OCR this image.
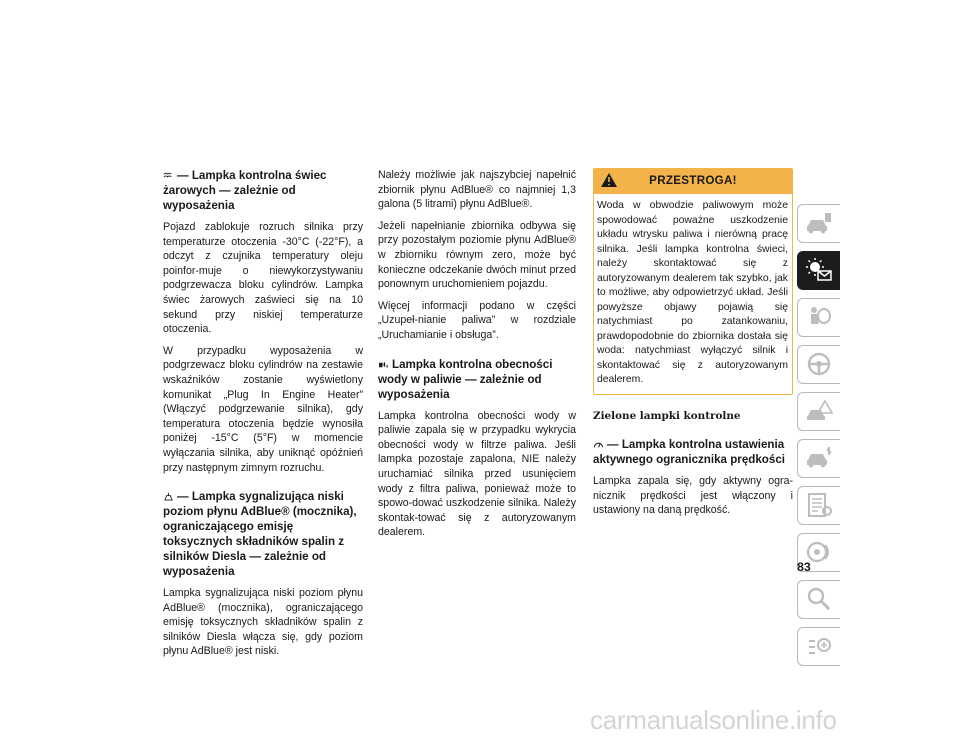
— Lampka kontrolna świec żarowych — zależnie od wyposażenia

Pojazd zablokuje rozruch silnika przy temperaturze otoczenia -30°C (-22°F), a odczyt z czujnika temperatury oleju poinfor-muje o niewykorzystywaniu podgrzewacza bloku cylindrów. Lampka świec żarowych zaświeci się na 10 sekund przy niskiej temperaturze otoczenia.

W przypadku wyposażenia w podgrzewacz bloku cylindrów na zestawie wskaźników zostanie wyświetlony komunikat „Plug In Engine Heater” (Włączyć podgrzewanie silnika), gdy temperatura otoczenia będzie wynosiła poniżej -15°C (5°F) w momencie wyłączania silnika, aby uniknąć opóźnień przy następnym zimnym rozruchu.

— Lampka sygnalizująca niski poziom płynu AdBlue® (mocznika), ograniczającego emisję toksycznych składników spalin z silników Diesla — zależnie od wyposażenia

Lampka sygnalizująca niski poziom płynu AdBlue® (mocznika), ograniczającego emisję toksycznych składników spalin z silników Diesla włącza się, gdy poziom płynu AdBlue® jest niski.

Należy możliwie jak najszybciej napełnić zbiornik płynu AdBlue® co najmniej 1,3 galona (5 litrami) płynu AdBlue®.

Jeżeli napełnianie zbiornika odbywa się przy pozostałym poziomie płynu AdBlue® w zbiorniku równym zero, może być konieczne odczekanie dwóch minut przed ponownym uruchomieniem pojazdu.

Więcej informacji podano w części „Uzupeł-nianie paliwa” w rozdziale „Uruchamianie i obsługa”.

Lampka kontrolna obecności wody w paliwie — zależnie od wyposażenia

Lampka kontrolna obecności wody w paliwie zapala się w przypadku wykrycia obecności wody w filtrze paliwa. Jeśli lampka pozostaje zapalona, NIE należy uruchamiać silnika przed usunięciem wody z filtra paliwa, ponieważ może to spowo-dować uszkodzenie silnika. Należy skontak-tować się z autoryzowanym dealerem.

PRZESTROGA!
Woda w obwodzie paliwowym może spowodować poważne uszkodzenie układu wtrysku paliwa i nierówną pracę silnika. Jeśli lampka kontrolna świeci, należy skontaktować się z autoryzowanym dealerem tak szybko, jak to możliwe, aby odpowietrzyć układ. Jeśli powyższe objawy pojawią się natychmiast po zatankowaniu, prawdopodobnie do zbiornika dostała się woda: natychmiast wyłączyć silnik i skontaktować się z autoryzowanym dealerem.
Zielone lampki kontrolne
— Lampka kontrolna ustawienia aktywnego ogranicznika prędkości

Lampka zapala się, gdy aktywny ogra-nicznik prędkości jest włączony i ustawiony na daną prędkość.

83
carmanualsonline.info
